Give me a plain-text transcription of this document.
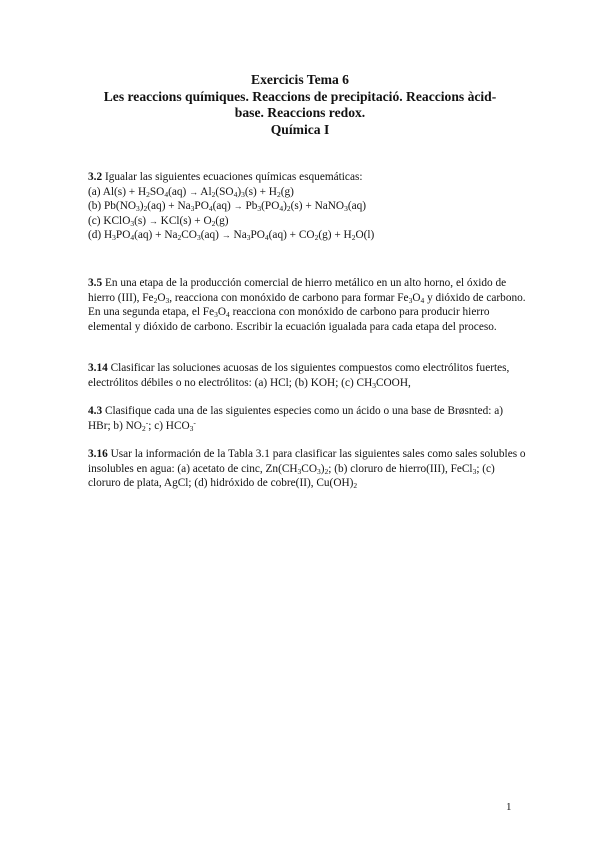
Exercicis Tema 6
Les reaccions químiques. Reaccions de precipitació. Reaccions àcid-
base. Reaccions redox.
Química I

3.2 Igualar las siguientes ecuaciones químicas esquemáticas:

(a) $Al(s) + H_2SO_4(aq) \to Al_2(SO_4)_3(s) + H_2(g)$

(b) $Pb(NO_3)_2(aq) + Na_3PO_4(aq) \to Pb_3(PO_4)_2(s)$ + NaNO$_3$(aq)

(c) KClO$_3$(s) → $KCl(s) + O_2(g)$

(d) $H_3PO_4(aq) + Na_2CO_3(aq) \to Na_3PO_4(aq) + CO_2(g) + H_2O(l)$

3.5 En una etapa de la producción comercial de hierro metálico en un alto horno, el óxido de hierro (III), $Fe_2O_3$, reacciona con monóxido de carbono para formar $Fe_3O_4$ y dióxido de carbono. En una segunda etapa, el $Fe_3O_4$ reacciona con monóxido de carbono para producir hierro elemental y dióxido de carbono. Escribir la ecuación igualada para cada etapa del proceso.

3.14 Clasificar las soluciones acuosas de los siguientes compuestos como electrólitos fuertes, electrólitos débiles o no electrólitos: (a) HCl; (b) KOH; (c) $CH_3COOH$,

4.3 Clasifique cada una de las siguientes especies como un ácido o una base de Brøsnted: a) HBr; b) $NO_2^-$; c) $HCO_3^-$

3.16 Usar la información de la Tabla 3.1 para clasificar las siguientes sales como sales solubles o insolubles en agua: (a) acetato de cinc, $Zn(CH_3CO_3)_2$; (b) cloruro de hierro(III), FeCl$_3$; (c) cloruro de plata, AgCl; (d) hidróxido de cobre(II), $Cu(OH)_2$

1
